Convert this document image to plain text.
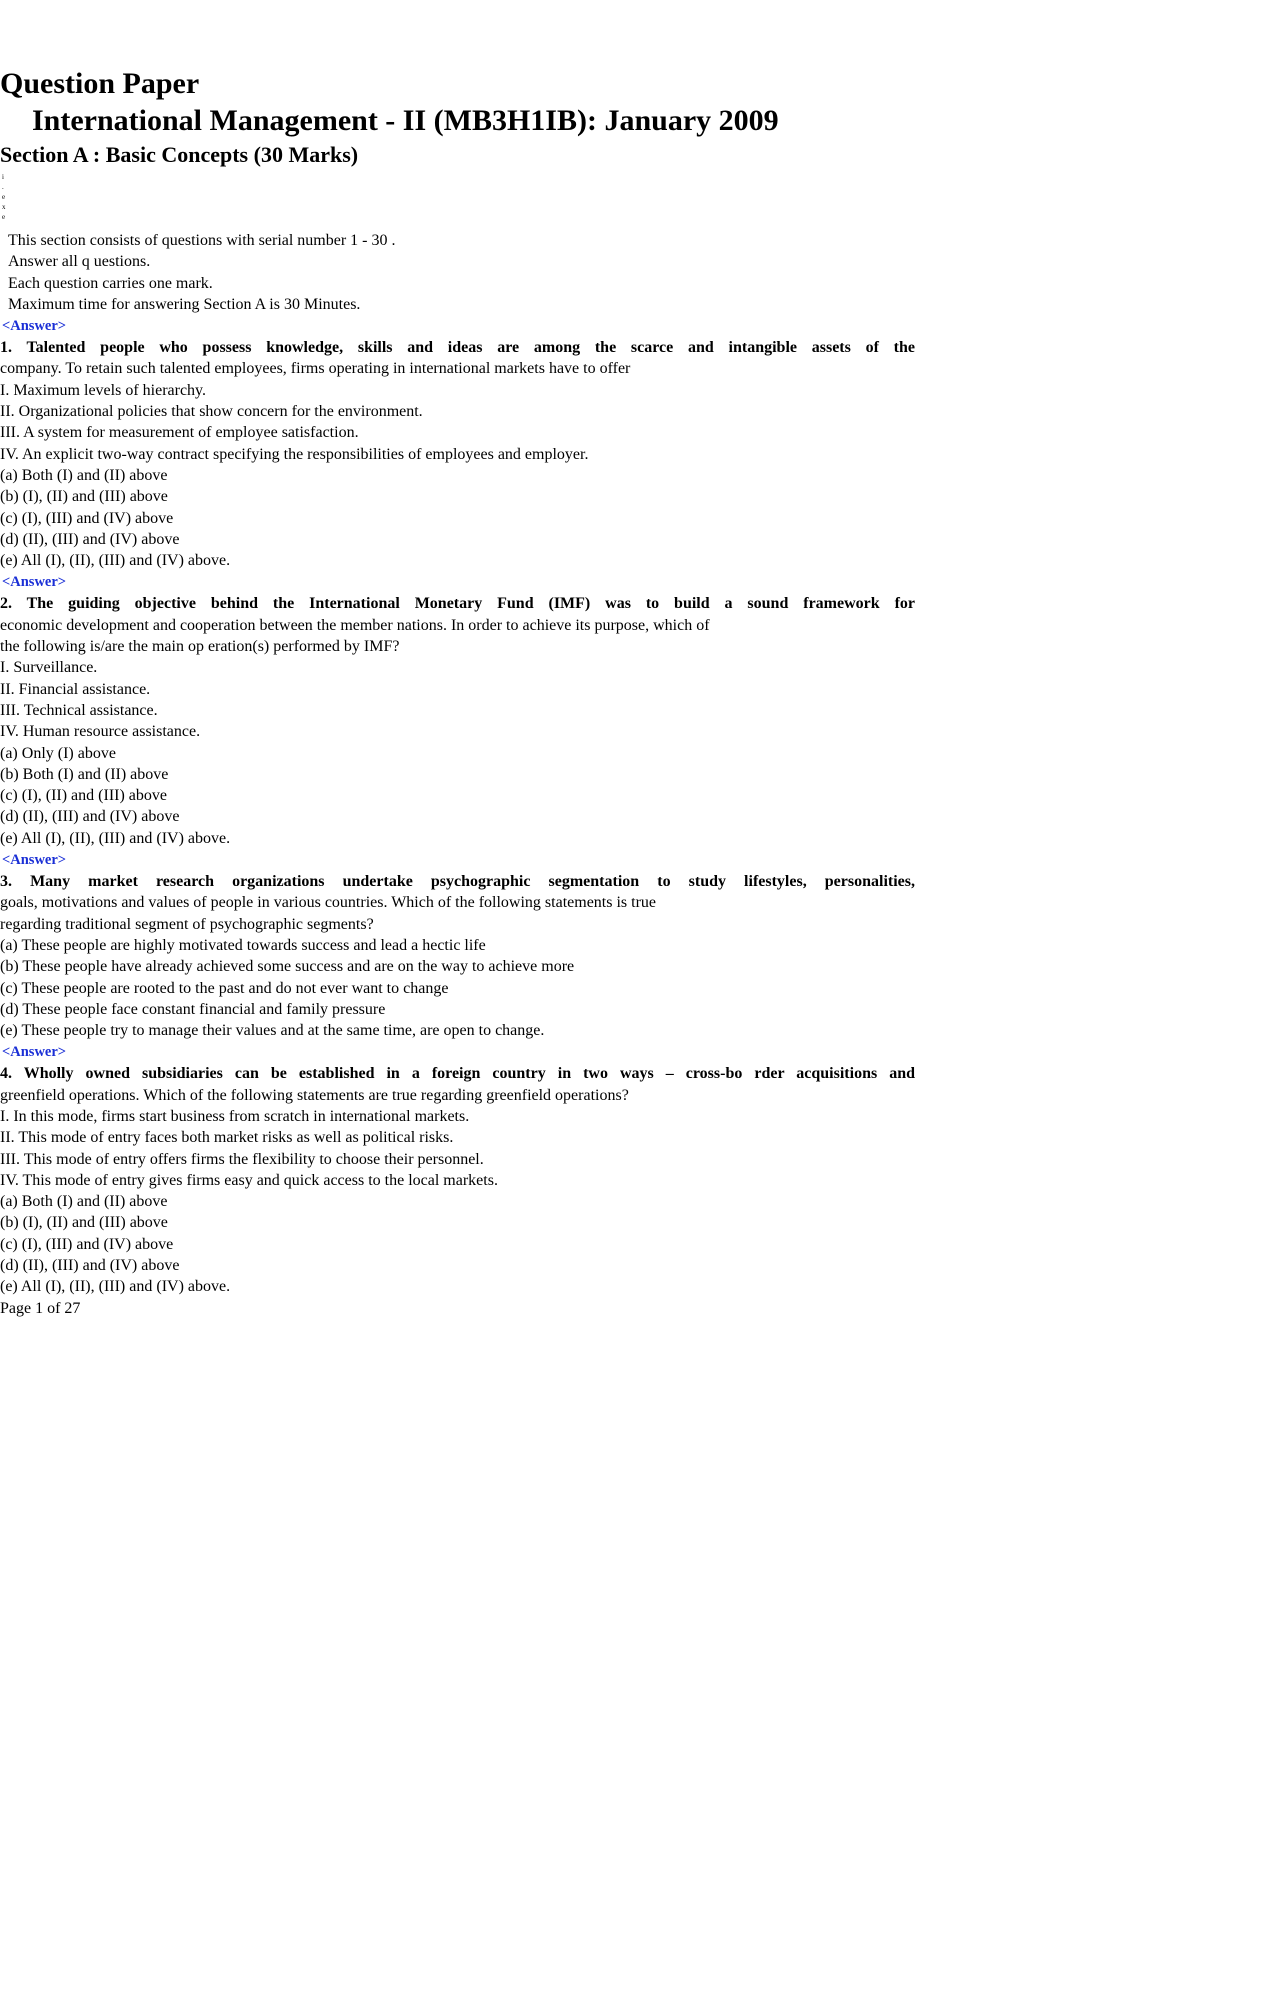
Question Paper
International Management - II (MB3H1IB): January 2009
Section A : Basic Concepts (30 Marks)
i
.
e
x
e
This section consists of questions with serial number 1 - 30 .
Answer all q uestions.
Each question carries one mark.
Maximum time for answering Section A is 30 Minutes.
<Answer>
1. Talented people who possess knowledge, skills and ideas are among the scarce and intangible assets of the
company. To retain such talented employees, firms operating in international markets have to offer
I. Maximum levels of hierarchy.
II. Organizational policies that show concern for the environment.
III. A system for measurement of employee satisfaction.
IV. An explicit two-way contract specifying the responsibilities of employees and employer.
(a) Both (I) and (II) above
(b) (I), (II) and (III) above
(c) (I), (III) and (IV) above
(d) (II), (III) and (IV) above
(e) All (I), (II), (III) and (IV) above.
<Answer>
2. The guiding objective behind the International Monetary Fund (IMF) was to build a sound framework for
economic development and cooperation between the member nations. In order to achieve its purpose, which of
the following is/are the main op eration(s) performed by IMF?
I. Surveillance.
II. Financial assistance.
III. Technical assistance.
IV. Human resource assistance.
(a) Only (I) above
(b) Both (I) and (II) above
(c) (I), (II) and (III) above
(d) (II), (III) and (IV) above
(e) All (I), (II), (III) and (IV) above.
<Answer>
3. Many market research organizations undertake psychographic segmentation to study lifestyles, personalities,
goals, motivations and values of people in various countries. Which of the following statements is true
regarding traditional segment of psychographic segments?
(a) These people are highly motivated towards success and lead a hectic life
(b) These people have already achieved some success and are on the way to achieve more
(c) These people are rooted to the past and do not ever want to change
(d) These people face constant financial and family pressure
(e) These people try to manage their values and at the same time, are open to change.
<Answer>
4. Wholly owned subsidiaries can be established in a foreign country in two ways – cross-bo rder acquisitions and
greenfield operations. Which of the following statements are true regarding greenfield operations?
I. In this mode, firms start business from scratch in international markets.
II. This mode of entry faces both market risks as well as political risks.
III. This mode of entry offers firms the flexibility to choose their personnel.
IV. This mode of entry gives firms easy and quick access to the local markets.
(a) Both (I) and (II) above
(b) (I), (II) and (III) above
(c) (I), (III) and (IV) above
(d) (II), (III) and (IV) above
(e) All (I), (II), (III) and (IV) above.
Page 1 of 27
